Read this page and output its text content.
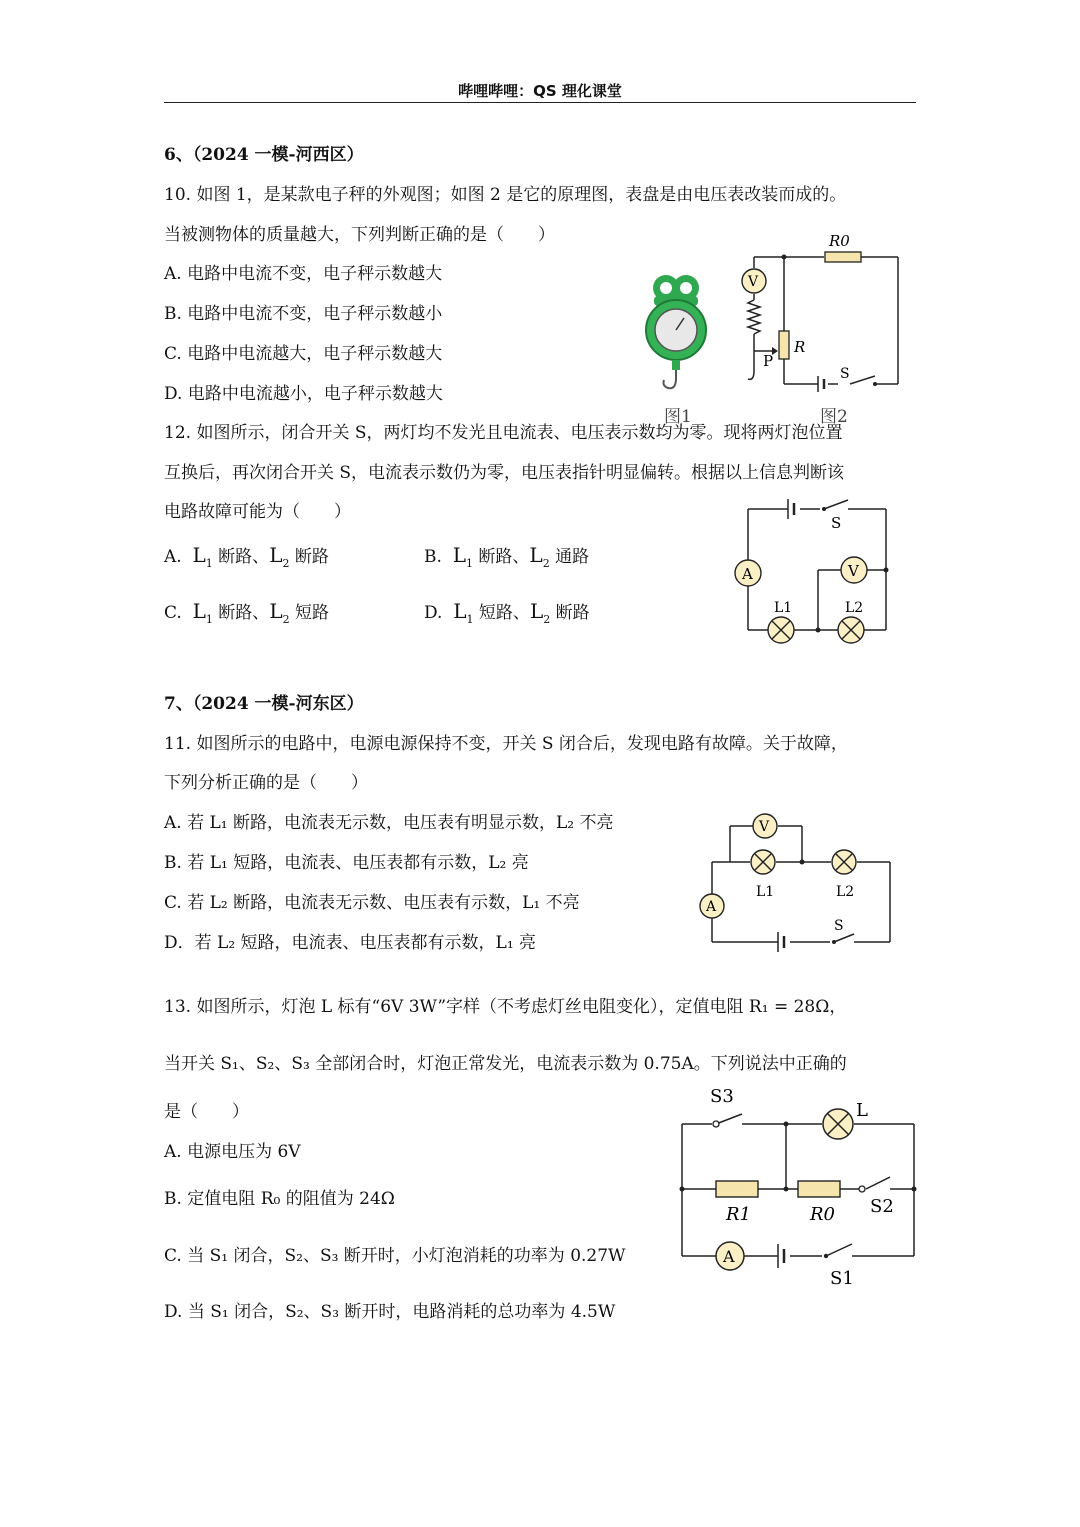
哔哩哔哩：QS 理化课堂
6、（2024 一模-河西区）
10. 如图 1，是某款电子秤的外观图；如图 2 是它的原理图，表盘是由电压表改装而成的。
当被测物体的质量越大，下列判断正确的是（　　）
A. 电路中电流不变，电子秤示数越大
B. 电路中电流不变，电子秤示数越小
C. 电路中电流越大，电子秤示数越大
D. 电路中电流越小，电子秤示数越大
图1
R0
V
R
P
S
图2
12. 如图所示，闭合开关 S，两灯均不发光且电流表、电压表示数均为零。现将两灯泡位置
互换后，再次闭合开关 S，电流表示数仍为零，电压表指针明显偏转。根据以上信息判断该
电路故障可能为（　　）
A. $L_1$ 断路、$L_2$ 断路	B. $L_1$ 断路、$L_2$ 通路
C. $L_1$ 断路、$L_2$ 短路	D. $L_1$ 短路、$L_2$ 断路
S
A	V
L1	L2
7、（2024 一模-河东区）
11. 如图所示的电路中，电源电源保持不变，开关 S 闭合后，发现电路有故障。关于故障，
下列分析正确的是（　　）
A. 若 L₁ 断路，电流表无示数，电压表有明显示数，L₂ 不亮
B. 若 L₁ 短路，电流表、电压表都有示数，L₂ 亮
C. 若 L₂ 断路，电流表无示数、电压表有示数，L₁ 不亮
D．若 L₂ 短路，电流表、电压表都有示数，L₁ 亮
V
A
L1	L2
S
13. 如图所示，灯泡 L 标有“6V 3W”字样（不考虑灯丝电阻变化），定值电阻 R₁ = 28Ω，
当开关 S₁、S₂、S₃ 全部闭合时，灯泡正常发光，电流表示数为 0.75A。下列说法中正确的
是（　　）
A. 电源电压为 6V
B. 定值电阻 R₀ 的阻值为 24Ω
C. 当 S₁ 闭合，S₂、S₃ 断开时，小灯泡消耗的功率为 0.27W
D. 当 S₁ 闭合，S₂、S₃ 断开时，电路消耗的总功率为 4.5W
S3
L
R1	R0 S2
A
S1
